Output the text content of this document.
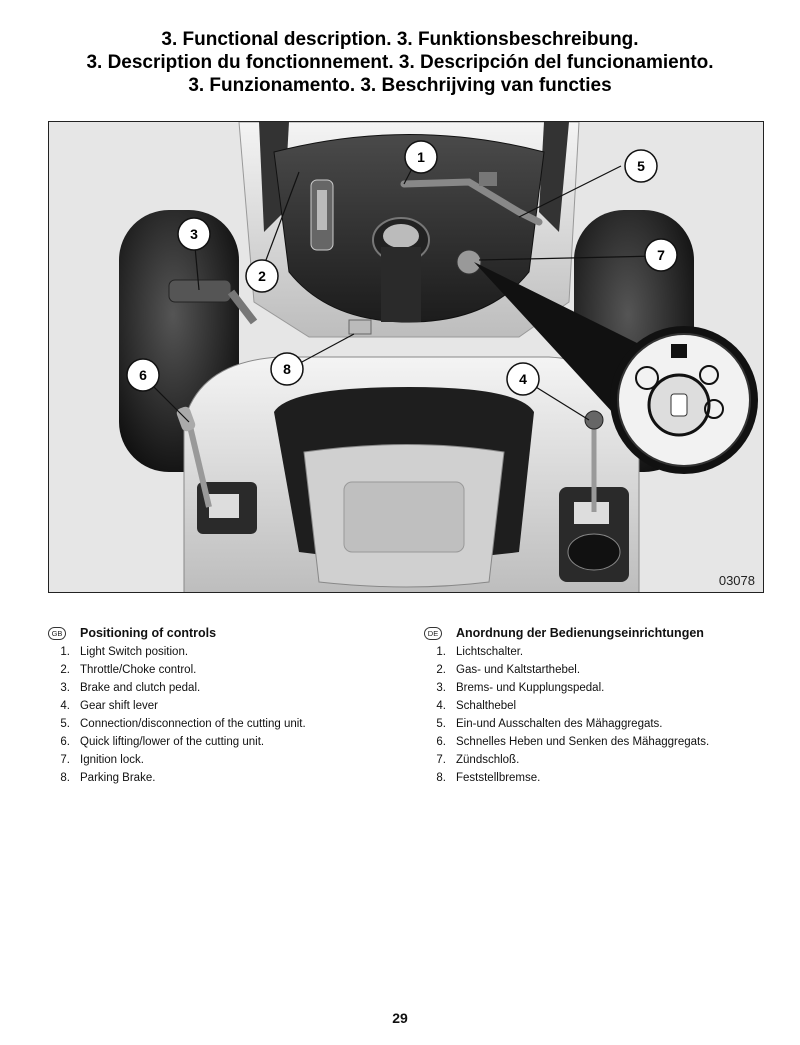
3. Functional description. 3. Funktionsbeschreibung.
3. Description du fonctionnement. 3. Descripción del funcionamiento.
3. Funzionamento. 3. Beschrijving van functies
1
5
3
2
7
8
6	4
03078
GB Positioning of controls
1. Light Switch position.
2. Throttle/Choke control.
3. Brake and clutch pedal.
4. Gear shift lever
5. Connection/disconnection of the cutting unit.
6. Quick lifting/lower of the cutting unit.
7. Ignition lock.
8. Parking Brake.
DE	Anordnung der Bedienungseinrichtungen
1. Lichtschalter.
2. Gas- und Kaltstarthebel.
3. Brems- und Kupplungspedal.
4. Schalthebel
5. Ein-und Ausschalten des Mähaggregats.
6. Schnelles Heben und Senken des Mähaggregats.
7. Zündschloß.
8. Feststellbremse.
29
